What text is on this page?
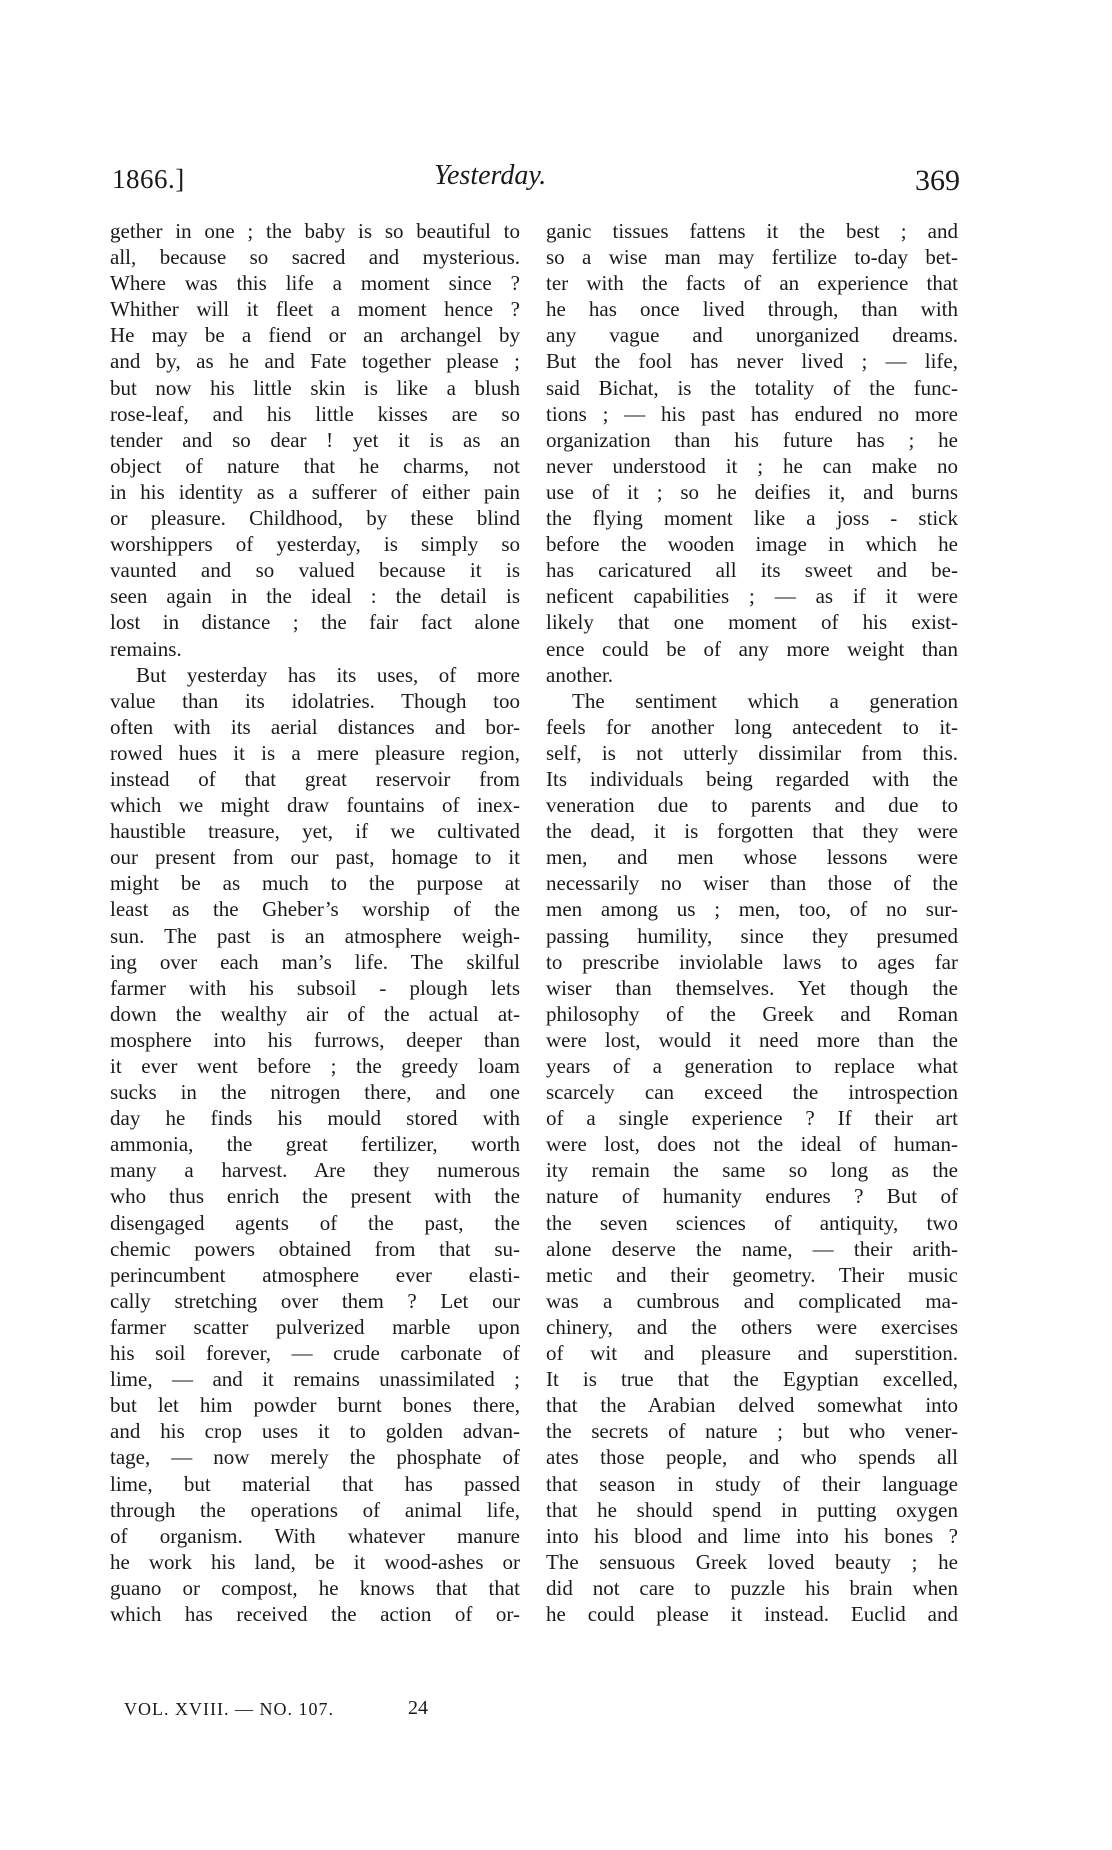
1866.]	Yesterday.	369
gether in one ; the baby is so beautiful to
all, because so sacred and mysterious.
Where was this life a moment since ?
Whither will it fleet a moment hence ?
He may be a fiend or an archangel by
and by, as he and Fate together please ;
but now his little skin is like a blush
rose-leaf, and his little kisses are so
tender and so dear ! yet it is as an
object of nature that he charms, not
in his identity as a sufferer of either pain
or pleasure. Childhood, by these blind
worshippers of yesterday, is simply so
vaunted and so valued because it is
seen again in the ideal : the detail is
lost in distance ; the fair fact alone
remains.
But yesterday has its uses, of more
value than its idolatries. Though too
often with its aerial distances and bor-
rowed hues it is a mere pleasure region,
instead of that great reservoir from
which we might draw fountains of inex-
haustible treasure, yet, if we cultivated
our present from our past, homage to it
might be as much to the purpose at
least as the Gheber’s worship of the
sun. The past is an atmosphere weigh-
ing over each man’s life. The skilful
farmer with his subsoil - plough lets
down the wealthy air of the actual at-
mosphere into his furrows, deeper than
it ever went before ; the greedy loam
sucks in the nitrogen there, and one
day he finds his mould stored with
ammonia, the great fertilizer, worth
many a harvest. Are they numerous
who thus enrich the present with the
disengaged agents of the past, the
chemic powers obtained from that su-
perincumbent atmosphere ever elasti-
cally stretching over them ? Let our
farmer scatter pulverized marble upon
his soil forever, — crude carbonate of
lime, — and it remains unassimilated ;
but let him powder burnt bones there,
and his crop uses it to golden advan-
tage, — now merely the phosphate of
lime, but material that has passed
through the operations of animal life,
of organism. With whatever manure
he work his land, be it wood-ashes or
guano or compost, he knows that that
which has received the action of or-
ganic tissues fattens it the best ; and
so a wise man may fertilize to-day bet-
ter with the facts of an experience that
he has once lived through, than with
any vague and unorganized dreams.
But the fool has never lived ; — life,
said Bichat, is the totality of the func-
tions ; — his past has endured no more
organization than his future has ; he
never understood it ; he can make no
use of it ; so he deifies it, and burns
the flying moment like a joss - stick
before the wooden image in which he
has caricatured all its sweet and be-
neficent capabilities ; — as if it were
likely that one moment of his exist-
ence could be of any more weight than
another.
The sentiment which a generation
feels for another long antecedent to it-
self, is not utterly dissimilar from this.
Its individuals being regarded with the
veneration due to parents and due to
the dead, it is forgotten that they were
men, and men whose lessons were
necessarily no wiser than those of the
men among us ; men, too, of no sur-
passing humility, since they presumed
to prescribe inviolable laws to ages far
wiser than themselves. Yet though the
philosophy of the Greek and Roman
were lost, would it need more than the
years of a generation to replace what
scarcely can exceed the introspection
of a single experience ? If their art
were lost, does not the ideal of human-
ity remain the same so long as the
nature of humanity endures ? But of
the seven sciences of antiquity, two
alone deserve the name, — their arith-
metic and their geometry. Their music
was a cumbrous and complicated ma-
chinery, and the others were exercises
of wit and pleasure and superstition.
It is true that the Egyptian excelled,
that the Arabian delved somewhat into
the secrets of nature ; but who vener-
ates those people, and who spends all
that season in study of their language
that he should spend in putting oxygen
into his blood and lime into his bones ?
The sensuous Greek loved beauty ; he
did not care to puzzle his brain when
he could please it instead. Euclid and
VOL. XVIII. — NO. 107.	24
